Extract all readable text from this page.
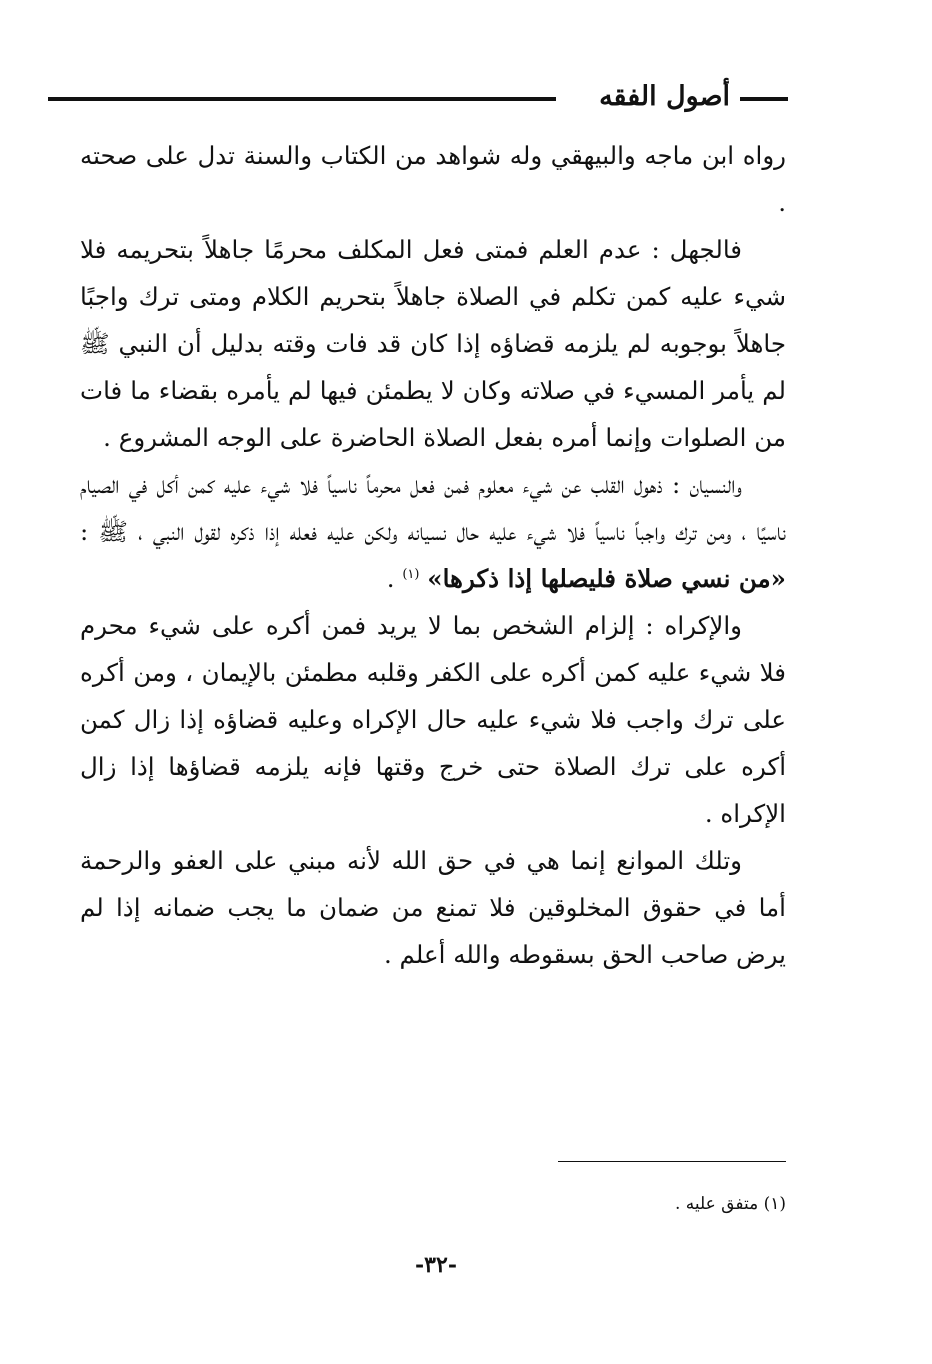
أصول الفقه

رواه ابن ماجه والبيهقي وله شواهد من الكتاب والسنة تدل على صحته .

فالجهل : عدم العلم فمتى فعل المكلف محرمًا جاهلاً بتحريمه فلا شيء عليه كمن تكلم في الصلاة جاهلاً بتحريم الكلام ومتى ترك واجبًا جاهلاً بوجوبه لم يلزمه قضاؤه إذا كان قد فات وقته بدليل أن النبي ﷺ لم يأمر المسيء في صلاته وكان لا يطمئن فيها لم يأمره بقضاء ما فات من الصلوات وإنما أمره بفعل الصلاة الحاضرة على الوجه المشروع .

والنسيان : ذهول القلب عن شيء معلوم فمن فعل محرماً ناسياً فلا شيء عليه كمن أكل في الصيام ناسيًا ، ومن ترك واجباً ناسياً فلا شيء عليه حال نسيانه ولكن عليه فعله إذا ذكره لقول النبي ، ﷺ : «من نسي صلاة فليصلها إذا ذكرها» $^{(١)}$ .

والإكراه : إلزام الشخص بما لا يريد فمن أكره على شيء محرم فلا شيء عليه كمن أكره على الكفر وقلبه مطمئن بالإيمان ، ومن أكره على ترك واجب فلا شيء عليه حال الإكراه وعليه قضاؤه إذا زال كمن أكره على ترك الصلاة حتى خرج وقتها فإنه يلزمه قضاؤها إذا زال الإكراه .

وتلك الموانع إنما هي في حق الله لأنه مبني على العفو والرحمة أما في حقوق المخلوقين فلا تمنع من ضمان ما يجب ضمانه إذا لم يرض صاحب الحق بسقوطه والله أعلم .

(١) متفق عليه .
-٣٢-
